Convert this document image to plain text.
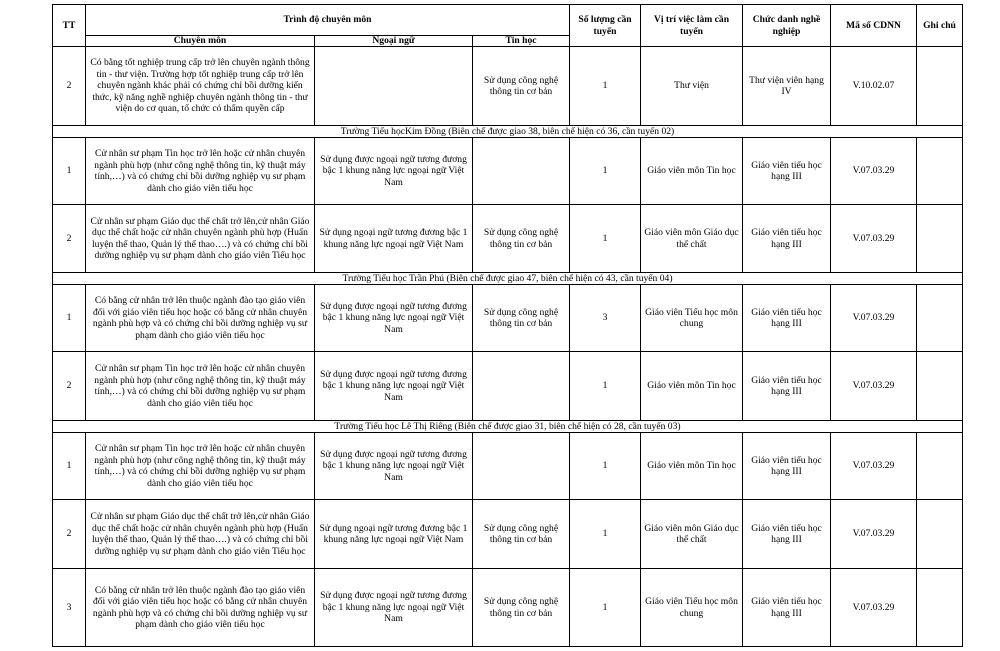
TT	Trình độ chuyên môn			Số lượng cần tuyển	Vị trí việc làm cần tuyển	Chức danh nghề nghiệp	Mã số CDNN	Ghi chú
	Chuyên môn	Ngoại ngữ	Tin học					
2	Có bằng tốt nghiệp trung cấp trở lên chuyên ngành thông tin - thư viện. Trường hợp tốt nghiệp trung cấp trở lên chuyên ngành khác phải có chứng chỉ bồi dưỡng kiến thức, kỹ năng nghề nghiệp chuyên ngành thông tin - thư viện do cơ quan, tổ chức có thẩm quyền cấp		Sử dụng công nghệ thông tin cơ bản	1	Thư viện	Thư viện viên hạng IV	V.10.02.07	
Trường Tiểu họcKim Đồng (Biên chế được giao 38, biên chế hiện có 36, cần tuyển 02)								
1	Cử nhân sư phạm Tin học trở lên hoặc cử nhân chuyên ngành phù hợp (như công nghệ thông tin, kỹ thuật máy tính,…) và có chứng chỉ bồi dưỡng nghiệp vụ sư phạm dành cho giáo viên tiểu học	Sử dụng được ngoại ngữ tương đương bậc 1 khung năng lực ngoại ngữ Việt Nam		1	Giáo viên môn Tin học	Giáo viên tiểu học hạng III	V.07.03.29	
2	Cử nhân sư phạm Giáo dục thể chất trở lên,cử nhân Giáo dục thể chất hoặc cử nhân chuyên ngành phù hợp (Huấn luyện thể thao, Quản lý thể thao….) và có chứng chỉ bồi dưỡng nghiệp vụ sư phạm dành cho giáo viên Tiểu học	Sử dụng ngoại ngữ tương đương bậc 1 khung năng lực ngoại ngữ Việt Nam	Sử dụng công nghệ thông tin cơ bản	1	Giáo viên môn Giáo dục thể chất	Giáo viên tiểu học hạng III	V.07.03.29	
Trường Tiểu học Trần Phú (Biên chế được giao 47, biên chế hiện có 43, cần tuyển 04)								
1	Có bằng cử nhân trở lên thuộc ngành đào tạo giáo viên đối với giáo viên tiểu học hoặc có bằng cử nhân chuyên ngành phù hợp và có chứng chỉ bồi dưỡng nghiệp vụ sư phạm dành cho giáo viên tiểu học	Sử dụng được ngoại ngữ tương đương bậc 1 khung năng lực ngoại ngữ Việt Nam	Sử dụng công nghệ thông tin cơ bản	3	Giáo viên Tiểu học môn chung	Giáo viên tiểu học hạng III	V.07.03.29	
2	Cử nhân sư phạm Tin học trở lên hoặc cử nhân chuyên ngành phù hợp (như công nghệ thông tin, kỹ thuật máy tính,…) và có chứng chỉ bồi dưỡng nghiệp vụ sư phạm dành cho giáo viên tiểu học	Sử dụng được ngoại ngữ tương đương bậc 1 khung năng lực ngoại ngữ Việt Nam		1	Giáo viên môn Tin học	Giáo viên tiểu học hạng III	V.07.03.29	
Trường Tiểu học Lê Thị Riêng (Biên chế được giao 31, biên chế hiện có 28, cần tuyển 03)								
1	Cử nhân sư phạm Tin học trở lên hoặc cử nhân chuyên ngành phù hợp (như công nghệ thông tin, kỹ thuật máy tính,…) và có chứng chỉ bồi dưỡng nghiệp vụ sư phạm dành cho giáo viên tiểu học	Sử dụng được ngoại ngữ tương đương bậc 1 khung năng lực ngoại ngữ Việt Nam		1	Giáo viên môn Tin học	Giáo viên tiểu học hạng III	V.07.03.29	
2	Cử nhân sư phạm Giáo dục thể chất trở lên,cử nhân Giáo dục thể chất hoặc cử nhân chuyên ngành phù hợp (Huấn luyện thể thao, Quản lý thể thao….) và có chứng chỉ bồi dưỡng nghiệp vụ sư phạm dành cho giáo viên Tiểu học	Sử dụng ngoại ngữ tương đương bậc 1 khung năng lực ngoại ngữ Việt Nam	Sử dụng công nghệ thông tin cơ bản	1	Giáo viên môn Giáo dục thể chất	Giáo viên tiểu học hạng III	V.07.03.29	
3	Có bằng cử nhân trở lên thuộc ngành đào tạo giáo viên đối với giáo viên tiểu học hoặc có bằng cử nhân chuyên ngành phù hợp và có chứng chỉ bồi dưỡng nghiệp vụ sư phạm dành cho giáo viên tiểu học	Sử dụng được ngoại ngữ tương đương bậc 1 khung năng lực ngoại ngữ Việt Nam	Sử dụng công nghệ thông tin cơ bản	1	Giáo viên Tiểu học môn chung	Giáo viên tiểu học hạng III	V.07.03.29	
